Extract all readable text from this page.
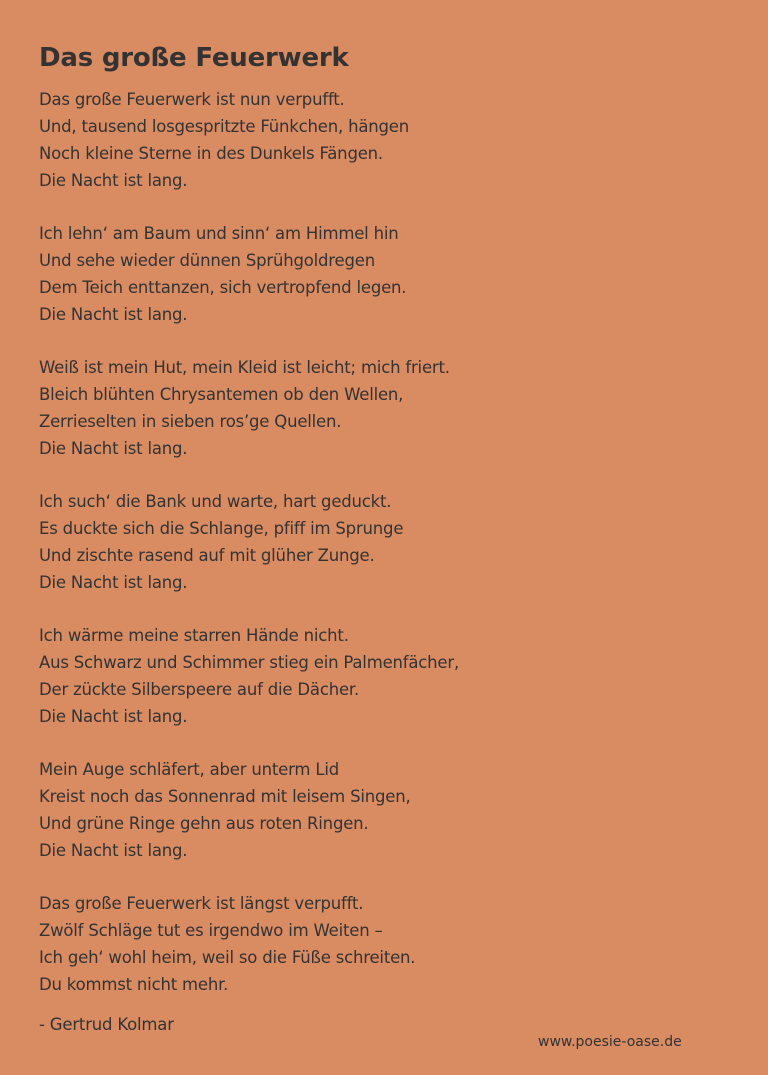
Das große Feuerwerk
Das große Feuerwerk ist nun verpufft.
Und, tausend losgespritzte Fünkchen, hängen
Noch kleine Sterne in des Dunkels Fängen.
Die Nacht ist lang.
Ich lehn‘ am Baum und sinn‘ am Himmel hin
Und sehe wieder dünnen Sprühgoldregen
Dem Teich enttanzen, sich vertropfend legen.
Die Nacht ist lang.
Weiß ist mein Hut, mein Kleid ist leicht; mich friert.
Bleich blühten Chrysantemen ob den Wellen,
Zerrieselten in sieben ros’ge Quellen.
Die Nacht ist lang.
Ich such‘ die Bank und warte, hart geduckt.
Es duckte sich die Schlange, pfiff im Sprunge
Und zischte rasend auf mit glüher Zunge.
Die Nacht ist lang.
Ich wärme meine starren Hände nicht.
Aus Schwarz und Schimmer stieg ein Palmenfächer,
Der zückte Silberspeere auf die Dächer.
Die Nacht ist lang.
Mein Auge schläfert, aber unterm Lid
Kreist noch das Sonnenrad mit leisem Singen,
Und grüne Ringe gehn aus roten Ringen.
Die Nacht ist lang.
Das große Feuerwerk ist längst verpufft.
Zwölf Schläge tut es irgendwo im Weiten –
Ich geh‘ wohl heim, weil so die Füße schreiten.
Du kommst nicht mehr.
- Gertrud Kolmar
www.poesie-oase.de
